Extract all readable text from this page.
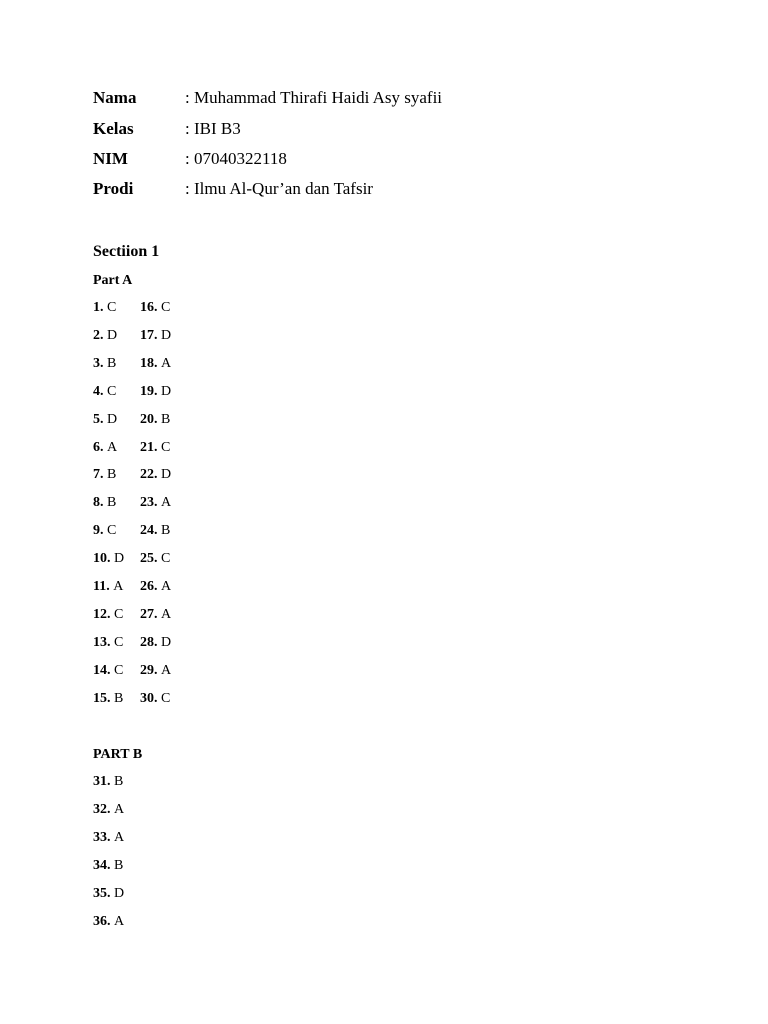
Nama	: Muhammad Thirafi Haidi Asy syafii
Kelas	: IBI B3
NIM	: 07040322118
Prodi	: Ilmu Al-Qur’an dan Tafsir
Sectiion 1
Part A
1. C 16. C
2. D 17. D
3. B 18. A
4. C 19. D
5. D 20. B
6. A 21. C
7. B 22. D
8. B 23. A
9. C 24. B
10. D 25. C
11. A 26. A
12. C 27. A
13. C 28. D
14. C 29. A
15. B 30. C
PART B
31. B
32. A
33. A
34. B
35. D
36. A
